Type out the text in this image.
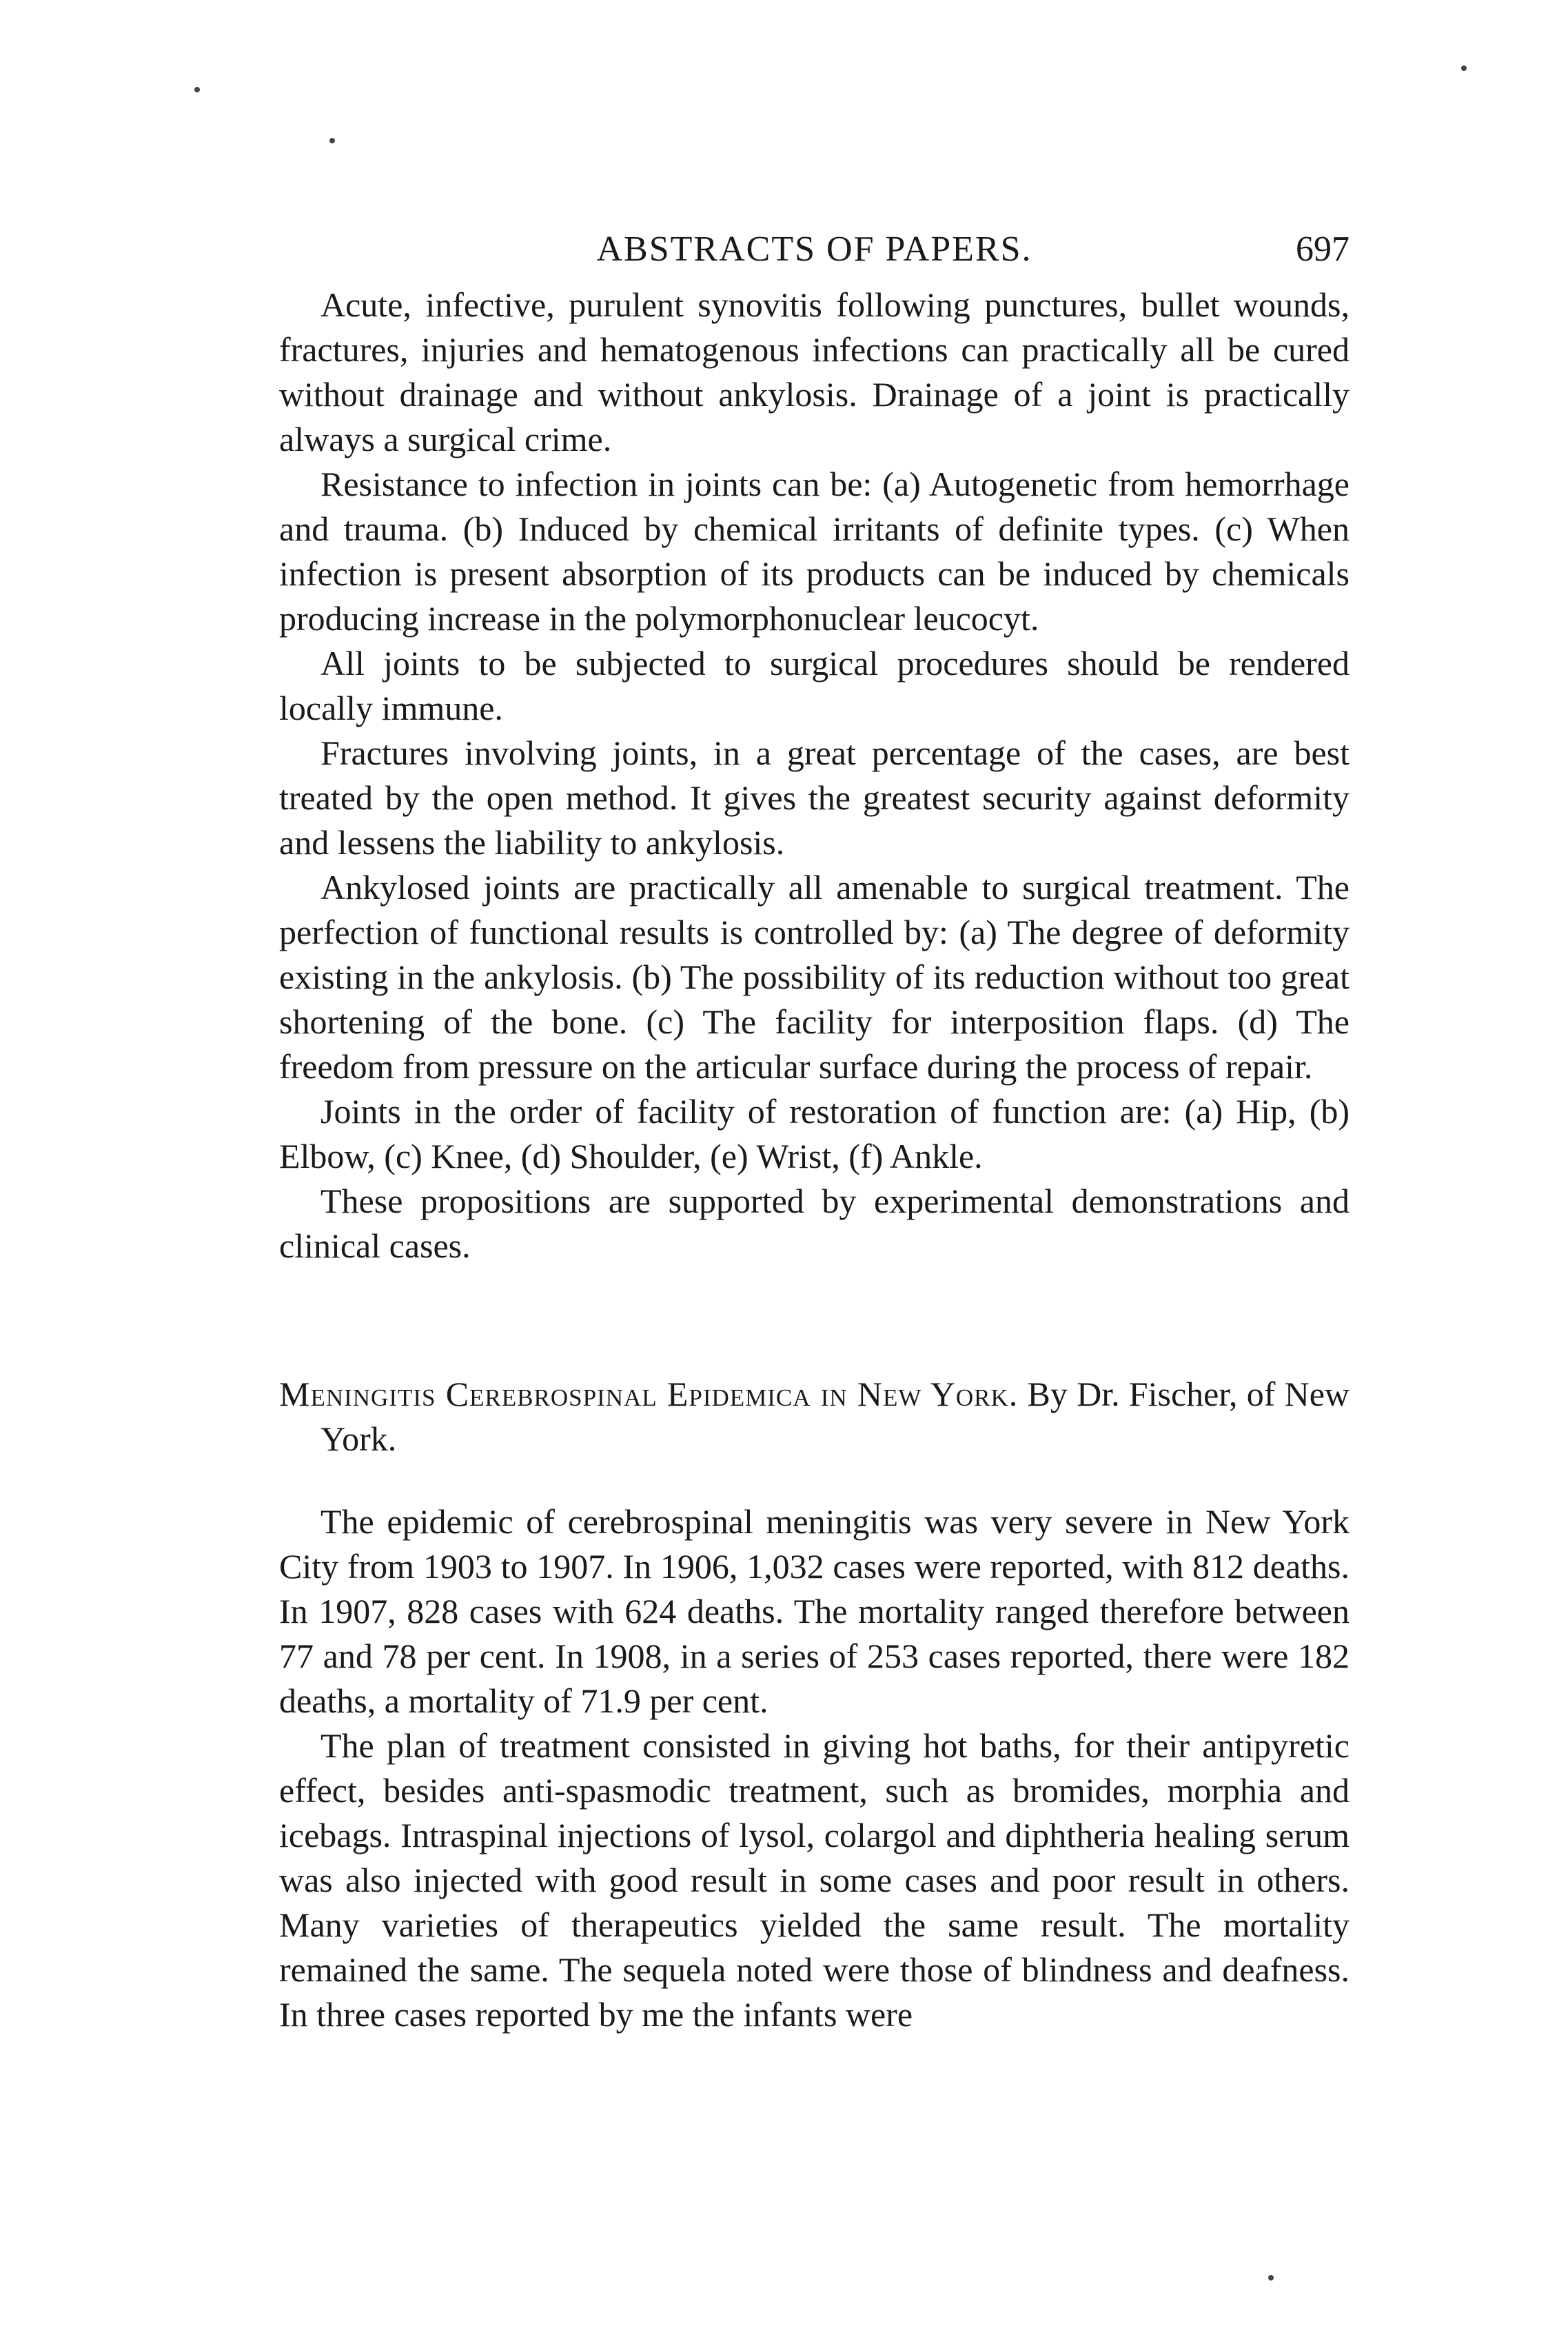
ABSTRACTS OF PAPERS.	697

Acute, infective, purulent synovitis following punctures, bullet wounds, fractures, injuries and hematogenous infections can practically all be cured without drainage and without ankylosis. Drainage of a joint is practically always a surgical crime.

Resistance to infection in joints can be: (a) Autogenetic from hemorrhage and trauma. (b) Induced by chemical irritants of definite types. (c) When infection is present absorption of its products can be induced by chemicals producing increase in the polymorphonuclear leucocyt.

All joints to be subjected to surgical procedures should be rendered locally immune.

Fractures involving joints, in a great percentage of the cases, are best treated by the open method. It gives the greatest security against deformity and lessens the liability to ankylosis.

Ankylosed joints are practically all amenable to surgical treatment. The perfection of functional results is controlled by: (a) The degree of deformity existing in the ankylosis. (b) The possibility of its reduction without too great shortening of the bone. (c) The facility for interposition flaps. (d) The freedom from pressure on the articular surface during the process of repair.

Joints in the order of facility of restoration of function are: (a) Hip, (b) Elbow, (c) Knee, (d) Shoulder, (e) Wrist, (f) Ankle.

These propositions are supported by experimental demonstrations and clinical cases.

Meningitis Cerebrospinal Epidemica in New York. By Dr. Fischer, of New York.

The epidemic of cerebrospinal meningitis was very severe in New York City from 1903 to 1907. In 1906, 1,032 cases were reported, with 812 deaths. In 1907, 828 cases with 624 deaths. The mortality ranged therefore between 77 and 78 per cent. In 1908, in a series of 253 cases reported, there were 182 deaths, a mortality of 71.9 per cent.

The plan of treatment consisted in giving hot baths, for their antipyretic effect, besides anti-spasmodic treatment, such as bromides, morphia and icebags. Intraspinal injections of lysol, colargol and diphtheria healing serum was also injected with good result in some cases and poor result in others. Many varieties of therapeutics yielded the same result. The mortality remained the same. The sequela noted were those of blindness and deafness. In three cases reported by me the infants were
